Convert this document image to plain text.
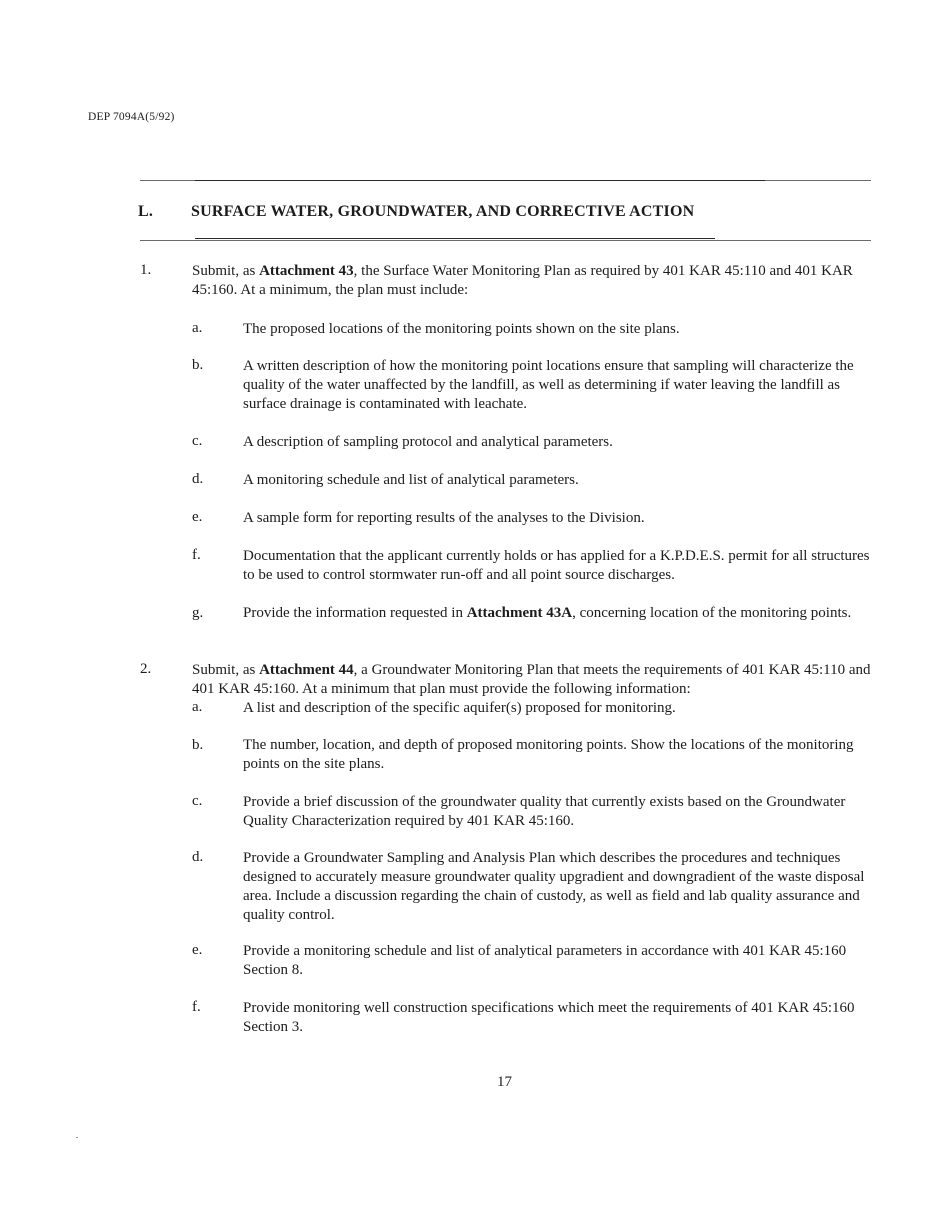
DEP 7094A(5/92)
L. SURFACE WATER, GROUNDWATER, AND CORRECTIVE ACTION
1.	Submit, as Attachment 43, the Surface Water Monitoring Plan as required by 401 KAR 45:110 and 401 KAR 45:160. At a minimum, the plan must include:
a.	The proposed locations of the monitoring points shown on the site plans.
b.	A written description of how the monitoring point locations ensure that sampling will characterize the quality of the water unaffected by the landfill, as well as determining if water leaving the landfill as surface drainage is contaminated with leachate.
c.	A description of sampling protocol and analytical parameters.
d.	A monitoring schedule and list of analytical parameters.
e.	A sample form for reporting results of the analyses to the Division.
f.	Documentation that the applicant currently holds or has applied for a K.P.D.E.S. permit for all structures to be used to control stormwater run-off and all point source discharges.
g.	Provide the information requested in Attachment 43A, concerning location of the monitoring points.
2.	Submit, as Attachment 44, a Groundwater Monitoring Plan that meets the requirements of 401 KAR 45:110 and 401 KAR 45:160. At a minimum that plan must provide the following information:
a.	A list and description of the specific aquifer(s) proposed for monitoring.
b.	The number, location, and depth of proposed monitoring points. Show the locations of the monitoring points on the site plans.
c.	Provide a brief discussion of the groundwater quality that currently exists based on the Groundwater Quality Characterization required by 401 KAR 45:160.
d.	Provide a Groundwater Sampling and Analysis Plan which describes the procedures and techniques designed to accurately measure groundwater quality upgradient and downgradient of the waste disposal area. Include a discussion regarding the chain of custody, as well as field and lab quality assurance and quality control.
e.	Provide a monitoring schedule and list of analytical parameters in accordance with 401 KAR 45:160 Section 8.
f.	Provide monitoring well construction specifications which meet the requirements of 401 KAR 45:160 Section 3.
17
